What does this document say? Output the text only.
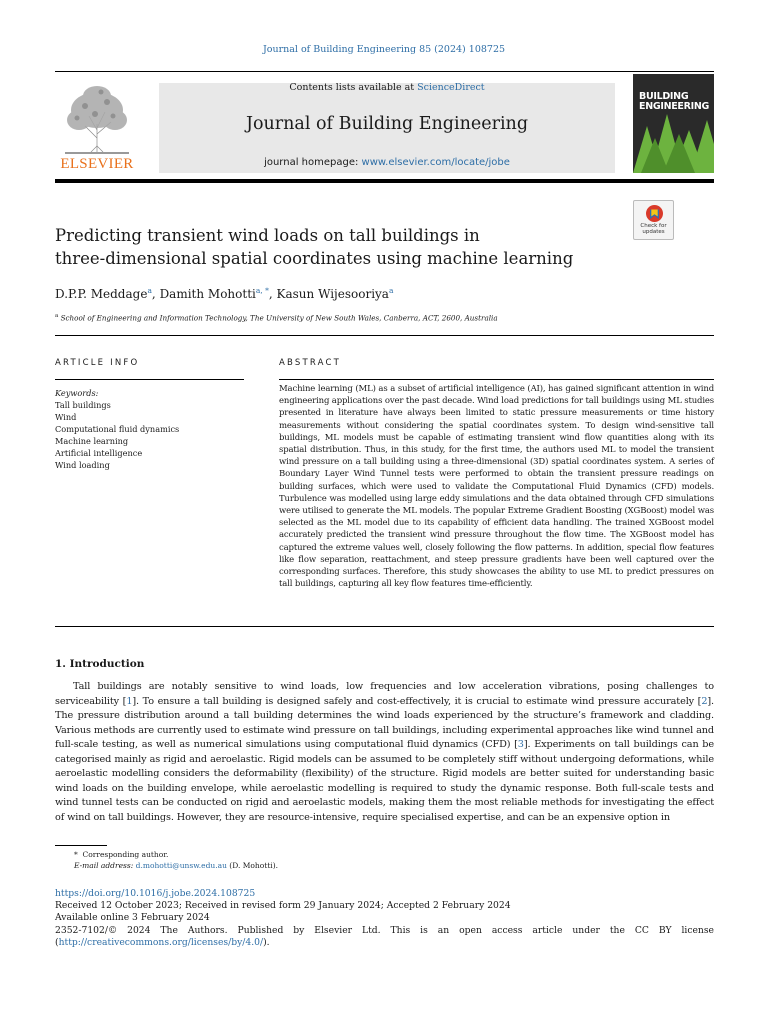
Journal of Building Engineering 85 (2024) 108725
ELSEVIER
Contents lists available at ScienceDirect
Journal of Building Engineering
journal homepage: www.elsevier.com/locate/jobe
BUILDING
ENGINEERING
Check for
updates
Predicting transient wind loads on tall buildings in
three-dimensional spatial coordinates using machine learning
D.P.P. Meddage$^a$, Damith Mohotti$^{a, *}$, Kasun Wijesooriya$^a$
$^a$ School of Engineering and Information Technology, The University of New South Wales, Canberra, ACT, 2600, Australia
ARTICLE INFO	ABSTRACT
Keywords:
Tall buildings
Wind
Computational fluid dynamics
Machine learning
Artificial intelligence
Wind loading
Machine learning (ML) as a subset of artificial intelligence (AI), has gained significant attention in wind engineering applications over the past decade. Wind load predictions for tall buildings using ML studies presented in literature have always been limited to static pressure measurements or time history measurements without considering the spatial coordinates system. To design wind-sensitive tall buildings, ML models must be capable of estimating transient wind flow quantities along with its spatial distribution. Thus, in this study, for the first time, the authors used ML to model the transient wind pressure on a tall building using a three-dimensional (3D) spatial coordinates system. A series of Boundary Layer Wind Tunnel tests were performed to obtain the transient pressure readings on building surfaces, which were used to validate the Computational Fluid Dynamics (CFD) models. Turbulence was modelled using large eddy simulations and the data obtained through CFD simulations were utilised to generate the ML models. The popular Extreme Gradient Boosting (XGBoost) model was selected as the ML model due to its capability of efficient data handling. The trained XGBoost model accurately predicted the transient wind pressure throughout the flow time. The XGBoost model has captured the extreme values well, closely following the flow patterns. In addition, special flow features like flow separation, reattachment, and steep pressure gradients have been well captured over the corresponding surfaces. Therefore, this study showcases the ability to use ML to predict pressures on tall buildings, capturing all key flow features time-efficiently.
1. Introduction
Tall buildings are notably sensitive to wind loads, low frequencies and low acceleration vibrations, posing challenges to serviceability [1]. To ensure a tall building is designed safely and cost-effectively, it is crucial to estimate wind pressure accurately [2]. The pressure distribution around a tall building determines the wind loads experienced by the structure’s framework and cladding. Various methods are currently used to estimate wind pressure on tall buildings, including experimental approaches like wind tunnel and full-scale testing, as well as numerical simulations using computational fluid dynamics (CFD) [3]. Experiments on tall buildings can be categorised mainly as rigid and aeroelastic. Rigid models can be assumed to be completely stiff without undergoing deformations, while aeroelastic modelling considers the deformability (flexibility) of the structure. Rigid models are better suited for understanding basic wind loads on the building envelope, while aeroelastic modelling is required to study the dynamic response. Both full-scale tests and wind tunnel tests can be conducted on rigid and aeroelastic models, making them the most reliable methods for investigating the effect of wind on tall buildings. However, they are resource-intensive, require specialised expertise, and can be an expensive option in
* Corresponding author.
E-mail address: d.mohotti@unsw.edu.au (D. Mohotti).
https://doi.org/10.1016/j.jobe.2024.108725
Received 12 October 2023; Received in revised form 29 January 2024; Accepted 2 February 2024
Available online 3 February 2024
2352-7102/© 2024 The Authors. Published by Elsevier Ltd. This is an open access article under the CC BY license
(http://creativecommons.org/licenses/by/4.0/).
